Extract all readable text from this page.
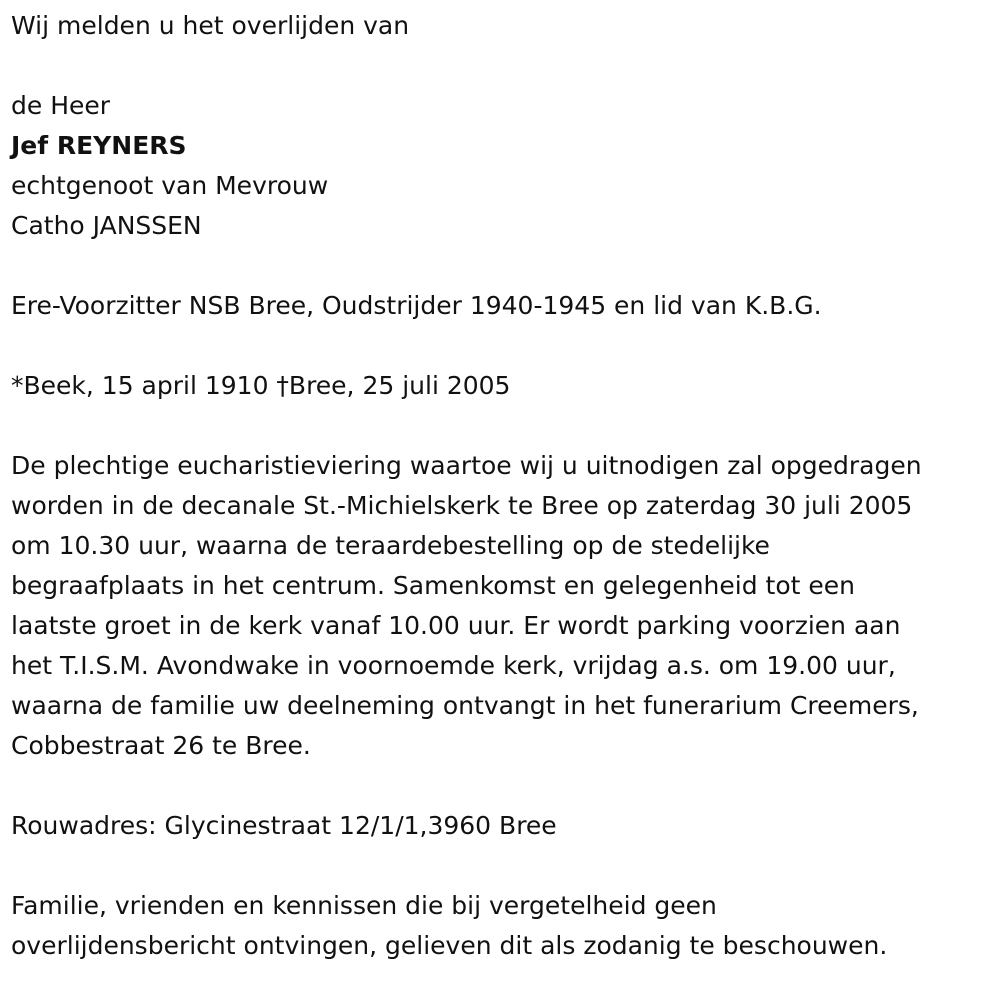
Wij melden u het overlijden van

de Heer

Jef REYNERS

echtgenoot van Mevrouw

Catho JANSSEN

Ere-Voorzitter NSB Bree, Oudstrijder 1940-1945 en lid van K.B.G.

*Beek, 15 april 1910 †Bree, 25 juli 2005

De plechtige eucharistieviering waartoe wij u uitnodigen zal opgedragen

worden in de decanale St.-Michielskerk te Bree op zaterdag 30 juli 2005

om 10.30 uur, waarna de teraardebestelling op de stedelijke

begraafplaats in het centrum. Samenkomst en gelegenheid tot een

laatste groet in de kerk vanaf 10.00 uur. Er wordt parking voorzien aan

het T.I.S.M. Avondwake in voornoemde kerk, vrijdag a.s. om 19.00 uur,

waarna de familie uw deelneming ontvangt in het funerarium Creemers,

Cobbestraat 26 te Bree.

Rouwadres: Glycinestraat 12/1/1,3960 Bree

Familie, vrienden en kennissen die bij vergetelheid geen

overlijdensbericht ontvingen, gelieven dit als zodanig te beschouwen.
